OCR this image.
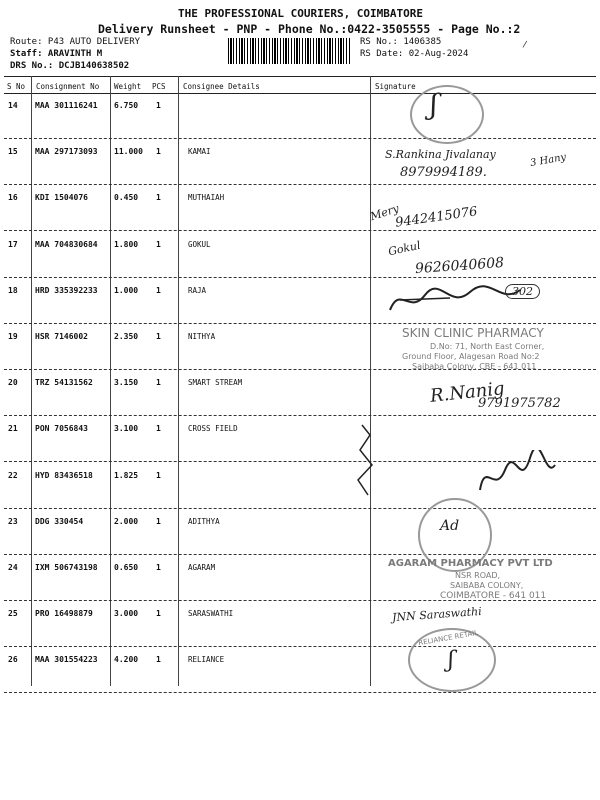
THE PROFESSIONAL COURIERS, COIMBATORE
Delivery Runsheet - PNP - Phone No.:0422-3505555 - Page No.:2
Route: P43 AUTO DELIVERY
Staff: ARAVINTH M
DRS No.: DCJB140638502
RS No.: 1406385
RS Date: 02-Aug-2024
⸝
S No Consignment No Weight PCS Consignee Details	Signature
14 MAA 301116241 6.750 1
15 MAA 297173093 11.000 1	KAMAI
16 KDI 1504076	0.450 1	MUTHAIAH
17 MAA 704830684 1.800 1	GOKUL
18 HRD 335392233 1.000 1	RAJA
19 HSR 7146002	2.350 1	NITHYA
20 TRZ 54131562	3.150 1	SMART STREAM
21 PON 7056843	3.100 1	CROSS FIELD
22 HYD 83436518	1.825 1
23 DDG 330454	2.000 1	ADITHYA
24 IXM 506743198 0.650 1	AGARAM
25 PRO 16498879	3.000 1	SARASWATHI
26 MAA 301554223 4.200 1	RELIANCE
ʃ
S.Rankina Jivalanay
8979994189.
3 Hany
Mery
9442415076
Gokul
9626040608
302
SKIN CLINIC PHARMACY
D.No: 71, North East Corner,
Ground Floor, Alagesan Road No:2
Saibaba Colony, CBE - 641 011
R.Nanig
9791975782
Ad
AGARAM PHARMACY PVT LTD
NSR ROAD,
SAIBABA COLONY,
COIMBATORE - 641 011
JNN Saraswathi
RELIANCE RETAIL
ʃ
